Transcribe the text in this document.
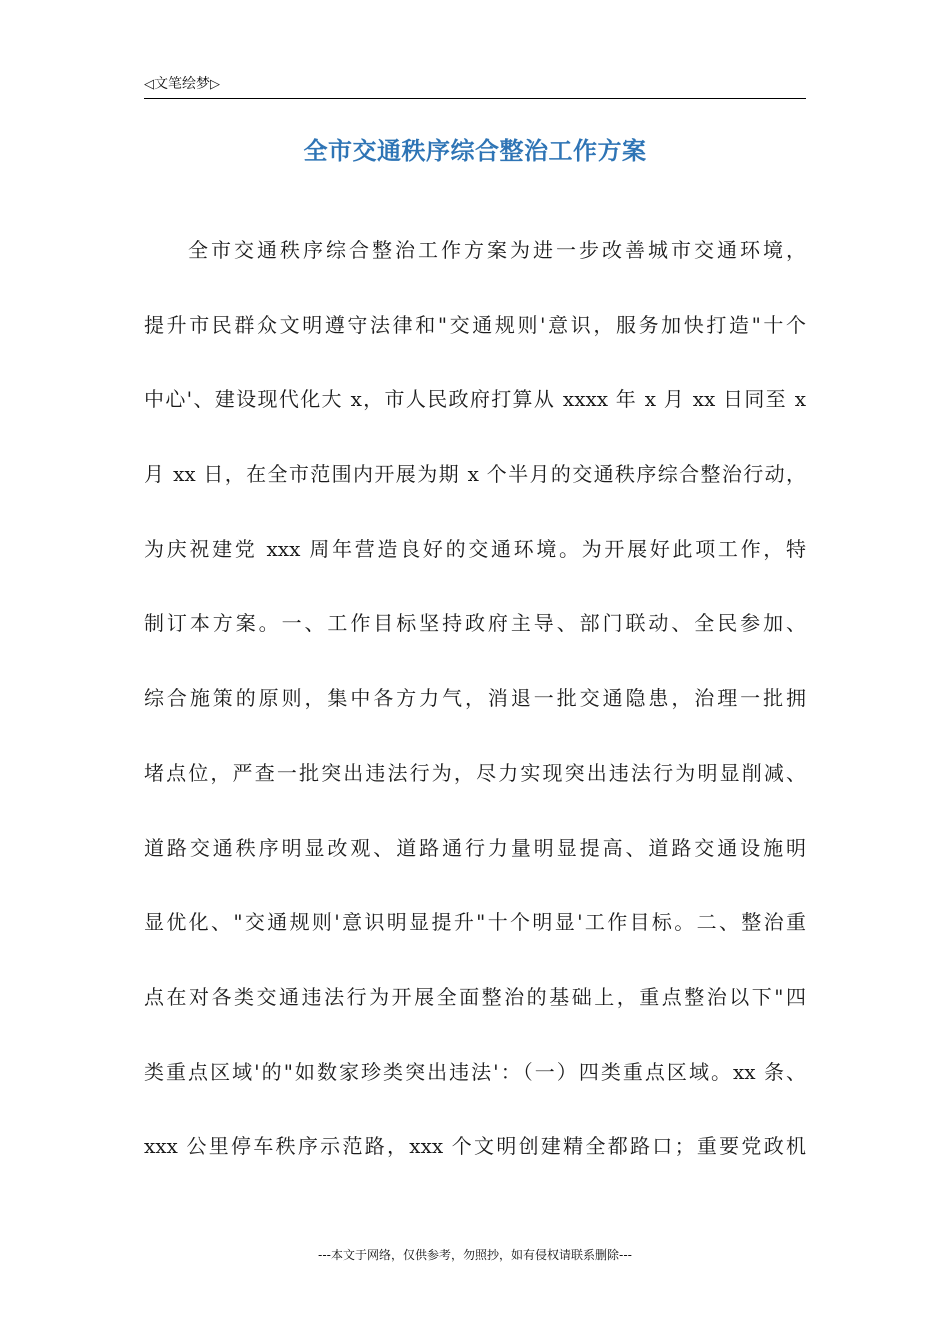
◁文笔绘梦▷
全市交通秩序综合整治工作方案
全市交通秩序综合整治工作方案为进一步改善城市交通环境，
提升市民群众文明遵守法律和"交通规则'意识，服务加快打造"十个
中心'、建设现代化大 x，市人民政府打算从 xxxx 年 x 月 xx 日同至 x
月 xx 日，在全市范围内开展为期 x 个半月的交通秩序综合整治行动，
为庆祝建党 xxx 周年营造良好的交通环境。为开展好此项工作，特
制订本方案。一、工作目标坚持政府主导、部门联动、全民参加、
综合施策的原则，集中各方力气，消退一批交通隐患，治理一批拥
堵点位，严查一批突出违法行为，尽力实现突出违法行为明显削减、
道路交通秩序明显改观、道路通行力量明显提高、道路交通设施明
显优化、"交通规则'意识明显提升"十个明显'工作目标。二、整治重
点在对各类交通违法行为开展全面整治的基础上，重点整治以下"四
类重点区域'的"如数家珍类突出违法'：（一）四类重点区域。xx 条、
xxx 公里停车秩序示范路，xxx 个文明创建精全都路口；重要党政机
---本文于网络，仅供参考，勿照抄，如有侵权请联系删除---
